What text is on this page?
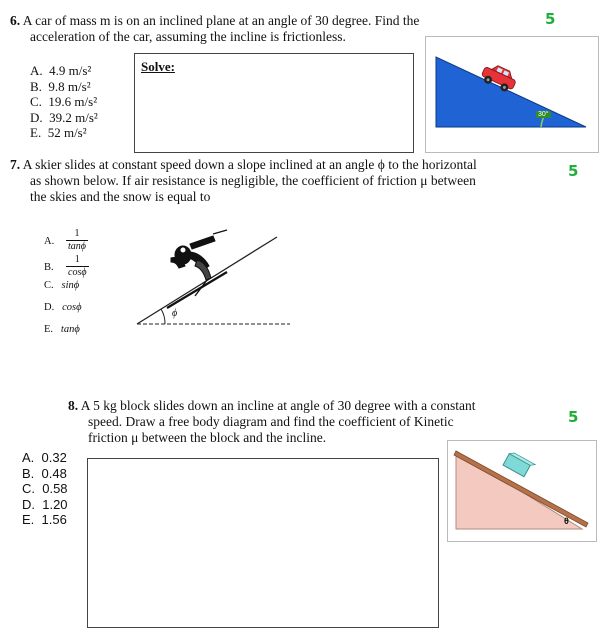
6. A car of mass m is on an inclined plane at an angle of 30 degree. Find the
acceleration of the car, assuming the incline is frictionless.
5
A. 4.9 m/s²
B. 9.8 m/s²
C. 19.6 m/s²
D. 39.2 m/s²
E. 52 m/s²
Solve:
30°
7. A skier slides at constant speed down a slope inclined at an angle ϕ to the horizontal
as shown below. If air resistance is negligible, the coefficient of friction μ between
the skies and the snow is equal to
5
A. $\frac{1}{\tan\phi}$
B. $\frac{1}{\cos\phi}$
C. sinϕ
D. cosϕ
E. tanϕ
ϕ
8. A 5 kg block slides down an incline at angle of 30 degree with a constant
speed. Draw a free body diagram and find the coefficient of Kinetic
friction μ between the block and the incline.
5
A. 0.32
B. 0.48
C. 0.58
D. 1.20
E. 1.56	θ
